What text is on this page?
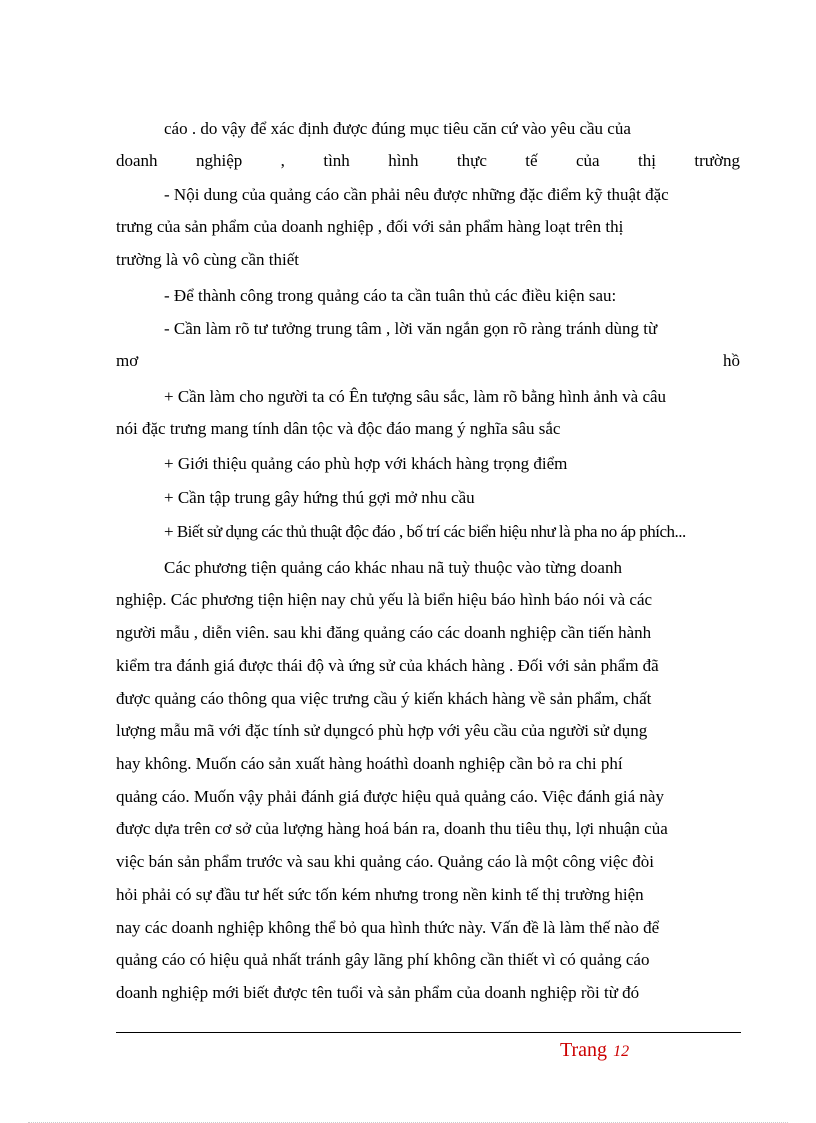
cáo . do vậy để xác định được đúng mục tiêu căn cứ vào yêu cầu của
doanh nghiệp , tình hình thực tế của thị trường
- Nội dung của quảng cáo cần phải nêu được những đặc điểm kỹ thuật đặc
trưng của sản phẩm của doanh nghiệp , đối với sản phẩm hàng loạt trên thị
trường là vô cùng cần thiết
- Để thành công trong quảng cáo ta cần tuân thủ các điều kiện sau:
- Cần làm rõ tư tưởng trung tâm , lời văn ngắn gọn rõ ràng tránh dùng từ
mơ hồ
+ Cần làm cho người ta có Ên tượng sâu sắc, làm rõ bằng hình ảnh và câu
nói đặc trưng mang tính dân tộc và độc đáo mang ý nghĩa sâu sắc
+ Giới thiệu quảng cáo phù hợp với khách hàng trọng điểm
+ Cần tập trung gây hứng thú gợi mở nhu cầu
+ Biết sử dụng các thủ thuật độc đáo , bố trí các biển hiệu như là pha no áp phích...
Các phương tiện quảng cáo khác nhau nã tuỳ thuộc vào từng doanh
nghiệp. Các phương tiện hiện nay chủ yếu là biển hiệu báo hình báo nói và các
người mẫu , diễn viên. sau khi đăng quảng cáo các doanh nghiệp cần tiến hành
kiểm tra đánh giá được thái độ và ứng sử của khách hàng . Đối với sản phẩm đã
được quảng cáo thông qua việc trưng cầu ý kiến khách hàng về sản phẩm, chất
lượng mẫu mã với đặc tính sử dụngcó phù hợp với yêu cầu của người sử dụng
hay không. Muốn cáo sản xuất hàng hoáthì doanh nghiệp cần bỏ ra chi phí
quảng cáo. Muốn vậy phải đánh giá được hiệu quả quảng cáo. Việc đánh giá này
được dựa trên cơ sở của lượng hàng hoá bán ra, doanh thu tiêu thụ, lợi nhuận của
việc bán sản phẩm trước và sau khi quảng cáo. Quảng cáo là một công việc đòi
hỏi phải có sự đầu tư hết sức tốn kém nhưng trong nền kinh tế thị trường hiện
nay các doanh nghiệp không thể bỏ qua hình thức này. Vấn đề là làm thế nào để
quảng cáo có hiệu quả nhất tránh gây lãng phí không cần thiết vì có quảng cáo
doanh nghiệp mới biết được tên tuổi và sản phẩm của doanh nghiệp rồi từ đó
Trang 12
